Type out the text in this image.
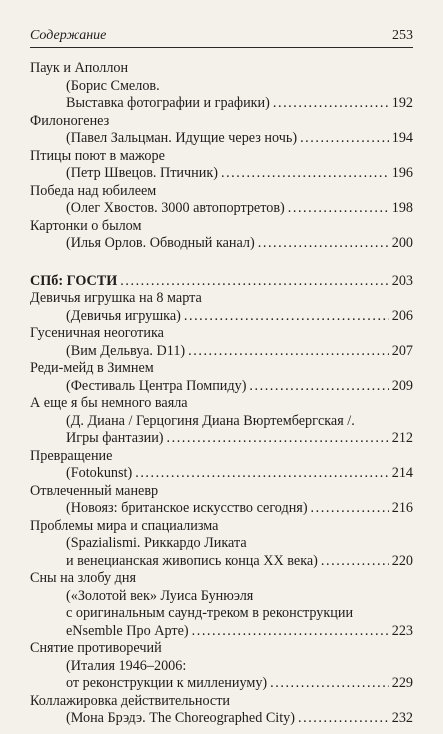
Содержание	253
Паук и Аполлон
(Борис Смелов.
Выставка фотографии и графики) . . .	192
Филоногенез
(Павел Зальцман. Идущие через ночь) . . .	194
Птицы поют в мажоре
(Петр Швецов. Птичник) . . .	196
Победа над юбилеем
(Олег Хвостов. 3000 автопортретов) . . .	198
Картонки о былом
(Илья Орлов. Обводный канал) . . .	200
СПб: ГОСТИ . . .	203
Девичья игрушка на 8 марта
(Девичья игрушка) . . .	206
Гусеничная неоготика
(Вим Дельвуа. D11) . . .	207
Реди-мейд в Зимнем
(Фестиваль Центра Помпиду) . . .	209
А еще я бы немного ваяла
(Д. Диана / Герцогиня Диана Вюртембергская /.
Игры фантазии) . . .	212
Превращение
(Fotokunst) . . .	214
Отвлеченный маневр
(Новояз: британское искусство сегодня) . . .	216
Проблемы мира и спациализма
(Spazialismi. Риккардо Ликата
и венецианская живопись конца XX века) . . .	220
Сны на злобу дня
(«Золотой век» Луиса Бунюэля
с оригинальным саунд-треком в реконструкции
eNsemble Про Арте) . . .	223
Снятие противоречий
(Италия 1946–2006:
от реконструкции к миллениуму) . . .	229
Коллажировка действительности
(Мона Брэдэ. The Choreographed City) . . .	232
